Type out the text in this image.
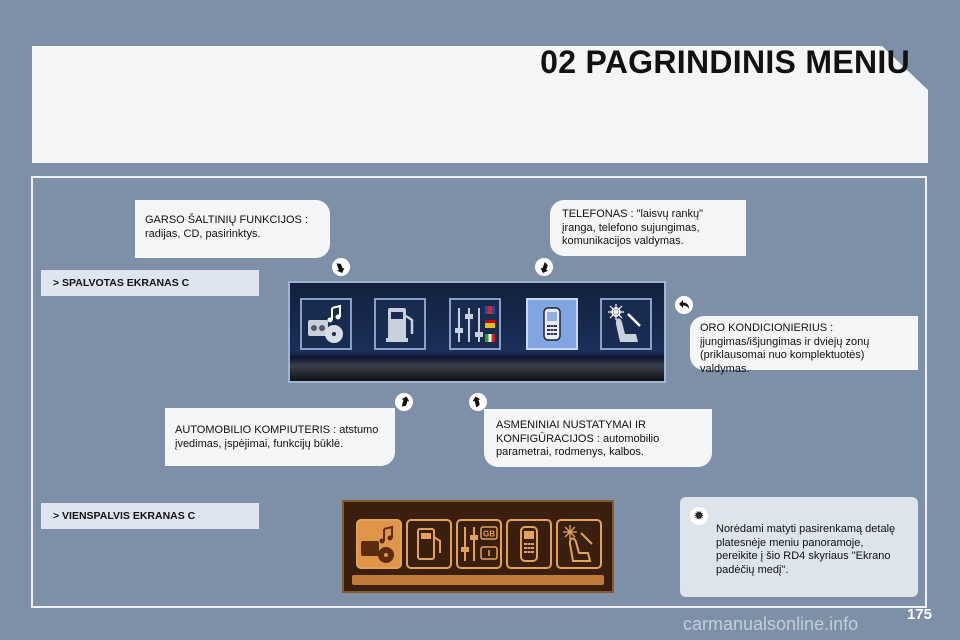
02 PAGRINDINIS MENIU
GARSO ŠALTINIŲ FUNKCIJOS : radijas, CD, pasirinktys.
TELEFONAS : "laisvų rankų" įranga, telefono sujungimas, komunikacijos valdymas.
ORO KONDICIONIERIUS : įjungimas/išjungimas ir dviejų zonų (priklausomai nuo komplektuotės) valdymas.
AUTOMOBILIO KOMPIUTERIS : atstumo įvedimas, įspėjimai, funkcijų būklė.
ASMENINIAI NUSTATYMAI IR KONFIGŪRACIJOS : automobilio parametrai, rodmenys, kalbos.
> SPALVOTAS EKRANAS C
> VIENSPALVIS EKRANAS C
GB
✹
Norėdami matyti pasirenkamą detalę platesnėje meniu panoramoje, pereikite į šio RD4 skyriaus "Ekrano padėčių medį".
175
carmanualsonline.info
